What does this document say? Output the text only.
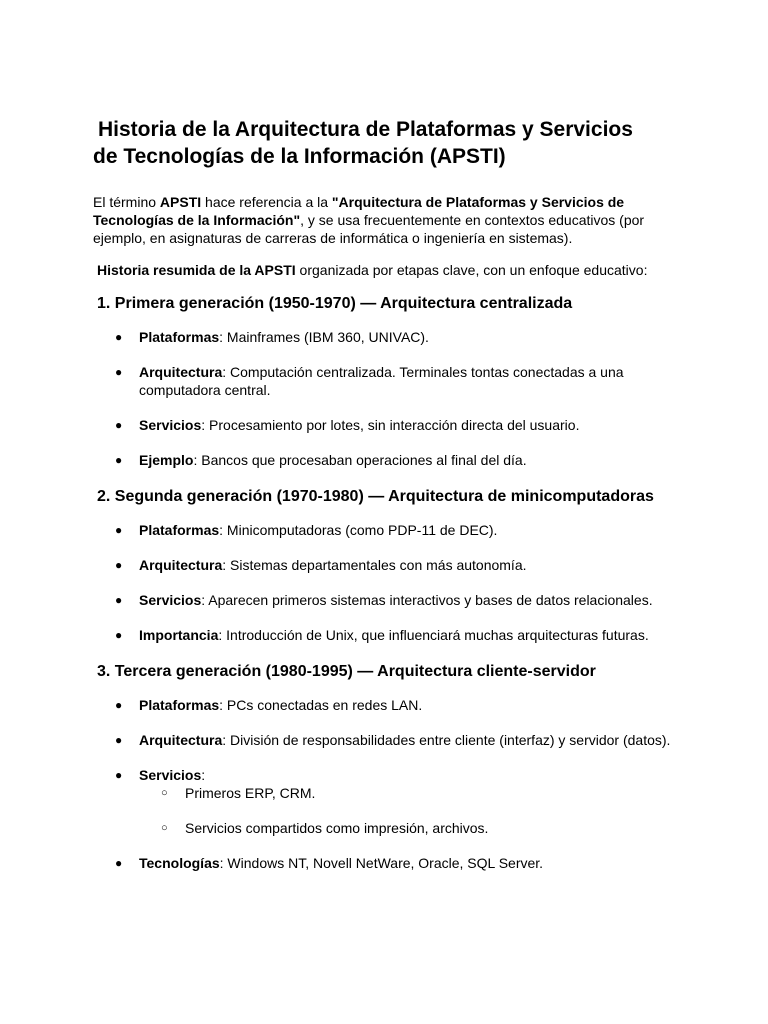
Historia de la Arquitectura de Plataformas y Servicios
de Tecnologías de la Información (APSTI)

El término APSTI hace referencia a la "Arquitectura de Plataformas y Servicios de Tecnologías de la Información", y se usa frecuentemente en contextos educativos (por ejemplo, en asignaturas de carreras de informática o ingeniería en sistemas).

Historia resumida de la APSTI organizada por etapas clave, con un enfoque educativo:

1. Primera generación (1950-1970) — Arquitectura centralizada
● Plataformas: Mainframes (IBM 360, UNIVAC).
● Arquitectura: Computación centralizada. Terminales tontas conectadas a una computadora central.
● Servicios: Procesamiento por lotes, sin interacción directa del usuario.
● Ejemplo: Bancos que procesaban operaciones al final del día.
2. Segunda generación (1970-1980) — Arquitectura de minicomputadoras
● Plataformas: Minicomputadoras (como PDP-11 de DEC).
● Arquitectura: Sistemas departamentales con más autonomía.
● Servicios: Aparecen primeros sistemas interactivos y bases de datos relacionales.
● Importancia: Introducción de Unix, que influenciará muchas arquitecturas futuras.
3. Tercera generación (1980-1995) — Arquitectura cliente-servidor
● Plataformas: PCs conectadas en redes LAN.
● Arquitectura: División de responsabilidades entre cliente (interfaz) y servidor (datos).
● Servicios:
○ Primeros ERP, CRM.
○ Servicios compartidos como impresión, archivos.
● Tecnologías: Windows NT, Novell NetWare, Oracle, SQL Server.
